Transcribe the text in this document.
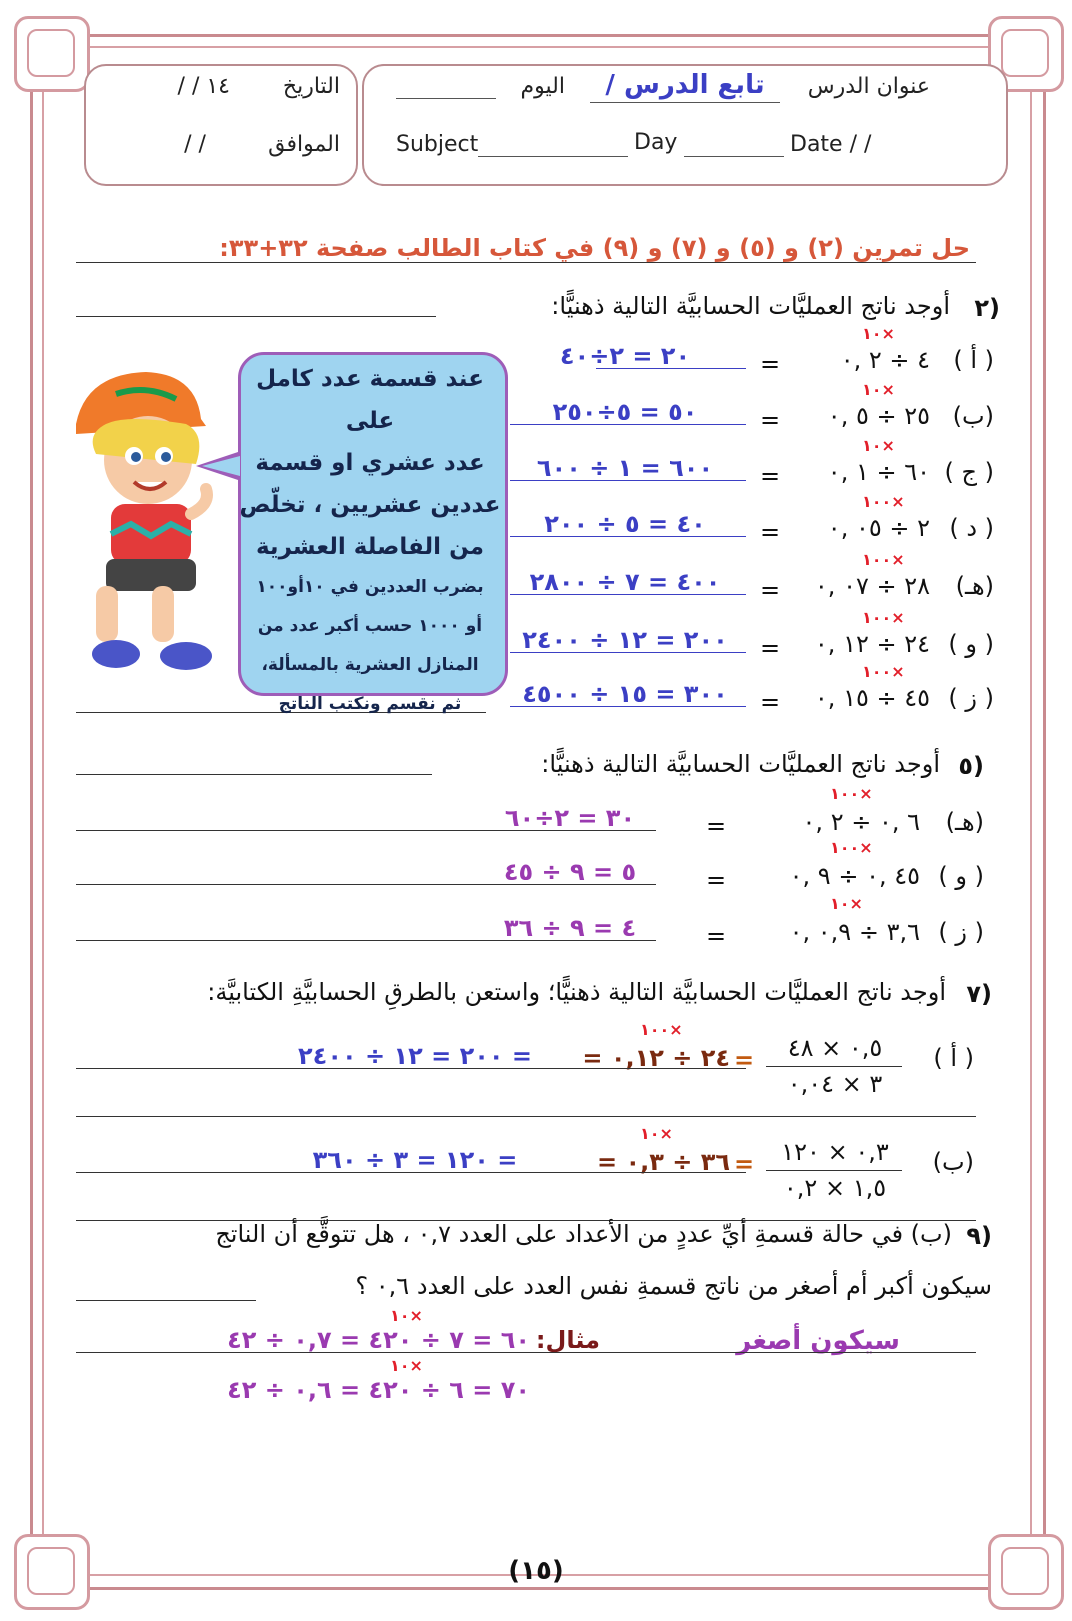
التاريخ
/ / ١٤
الموافق
/ /
عنوان الدرس
تابع الدرس /
اليوم
Subject	Day	Date / /
حل تمرين (٢) و (٥) و (٧) و (٩) في كتاب الطالب صفحة ٣٢+٣٣:
٢)
أوجد ناتج العمليَّات الحسابيَّة التالية ذهنيًّا:
( أ )
٤ ÷ ٢ ,٠
=
١٠×
٢٠ = ٢÷٤٠
(ب)
٢٥ ÷ ٥ ,٠
=
١٠×
٥٠ = ٥÷٢٥٠
( ج )
٦٠ ÷ ١ ,٠
=
١٠×
٦٠٠ = ١ ÷ ٦٠٠
( د )
٢ ÷ ٠٥ ,٠
=
١٠٠×
٤٠ = ٥ ÷ ٢٠٠
(هـ)
٢٨ ÷ ٠٧ ,٠
=
١٠٠×
٤٠٠ = ٧ ÷ ٢٨٠٠
( و )
٢٤ ÷ ١٢ ,٠
=
١٠٠×
٢٠٠ = ١٢ ÷ ٢٤٠٠
( ز )
٤٥ ÷ ١٥ ,٠
=
١٠٠×
٣٠٠ = ١٥ ÷ ٤٥٠٠
عند قسمة عدد كامل على
عدد عشري او قسمة
عددين عشريين ، تخلّص
من الفاصلة العشرية
بضرب العددين في ١٠أو١٠٠
أو ١٠٠٠ حسب أكبر عدد من
المنازل العشرية بالمسألة،
ثم نقسم ونكتب الناتج
٥)
أوجد ناتج العمليَّات الحسابيَّة التالية ذهنيًّا:
(هـ)
٦ ,٠ ÷ ٢ ,٠
=
١٠٠×
٣٠ = ٢÷٦٠
( و )
٤٥ ,٠ ÷ ٩ ,٠
=
١٠٠×
٥ = ٩ ÷ ٤٥
( ز )
٣,٦ ÷ ٠,٩ ,٠
=
١٠×
٤ = ٩ ÷ ٣٦
٧)
أوجد ناتج العمليَّات الحسابيَّة التالية ذهنيًّا؛ واستعن بالطرقِ الحسابيَّةِ الكتابيَّة:
( أ )
٠,٥ × ٤٨
٣ × ٠,٠٤
=
= ٢٤ ÷ ٠,١٢
١٠٠×
٢٠٠ = ١٢ ÷ ٢٤٠٠ =
(ب)
٠,٣ × ١٢٠
١,٥ × ٠,٢
=
= ٣٦ ÷ ٠,٣
١٠×
١٢٠ = ٣ ÷ ٣٦٠ =
٩)
(ب) في حالة قسمةِ أيِّ عددٍ من الأعداد على العدد ٠,٧ ، هل تتوقَّع أن الناتج
سيكون أكبر أم أصغر من ناتج قسمةِ نفس العدد على العدد ٠,٦ ؟
سيكون أصغر
مثال:
٦٠ = ٧ ÷ ٤٢٠ = ٠,٧ ÷ ٤٢
١٠×
٧٠ = ٦ ÷ ٤٢٠ = ٠,٦ ÷ ٤٢
١٠×
(١٥)
